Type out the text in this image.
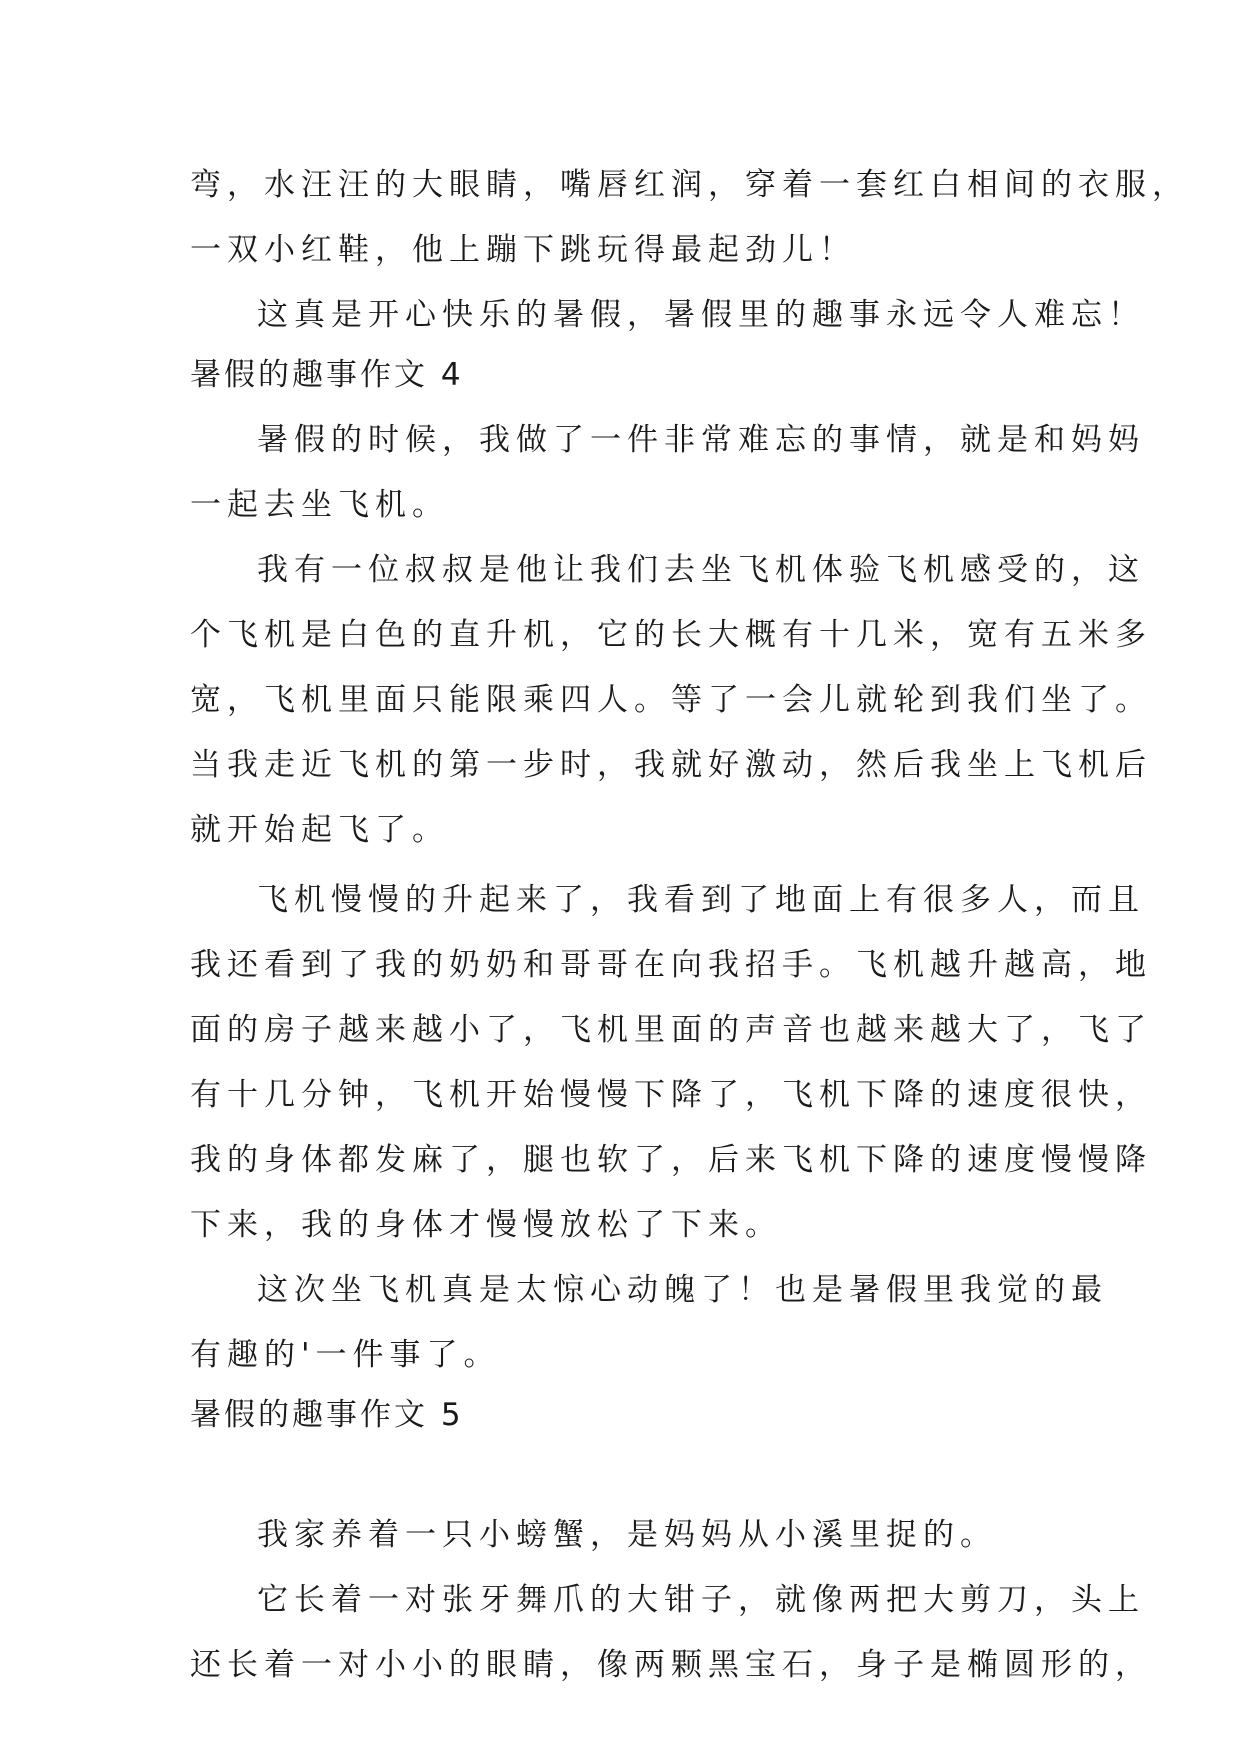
弯，水汪汪的大眼睛，嘴唇红润，穿着一套红白相间的衣服，
一双小红鞋，他上蹦下跳玩得最起劲儿！
这真是开心快乐的暑假，暑假里的趣事永远令人难忘！
暑假的趣事作文 4
暑假的时候，我做了一件非常难忘的事情，就是和妈妈
一起去坐飞机。
我有一位叔叔是他让我们去坐飞机体验飞机感受的，这
个飞机是白色的直升机，它的长大概有十几米，宽有五米多
宽，飞机里面只能限乘四人。等了一会儿就轮到我们坐了。
当我走近飞机的第一步时，我就好激动，然后我坐上飞机后
就开始起飞了。
飞机慢慢的升起来了，我看到了地面上有很多人，而且
我还看到了我的奶奶和哥哥在向我招手。飞机越升越高，地
面的房子越来越小了，飞机里面的声音也越来越大了，飞了
有十几分钟，飞机开始慢慢下降了，飞机下降的速度很快，
我的身体都发麻了，腿也软了，后来飞机下降的速度慢慢降
下来，我的身体才慢慢放松了下来。
这次坐飞机真是太惊心动魄了！也是暑假里我觉的最
有趣的'一件事了。
暑假的趣事作文 5
我家养着一只小螃蟹，是妈妈从小溪里捉的。
它长着一对张牙舞爪的大钳子，就像两把大剪刀，头上
还长着一对小小的眼睛，像两颗黑宝石，身子是椭圆形的，
